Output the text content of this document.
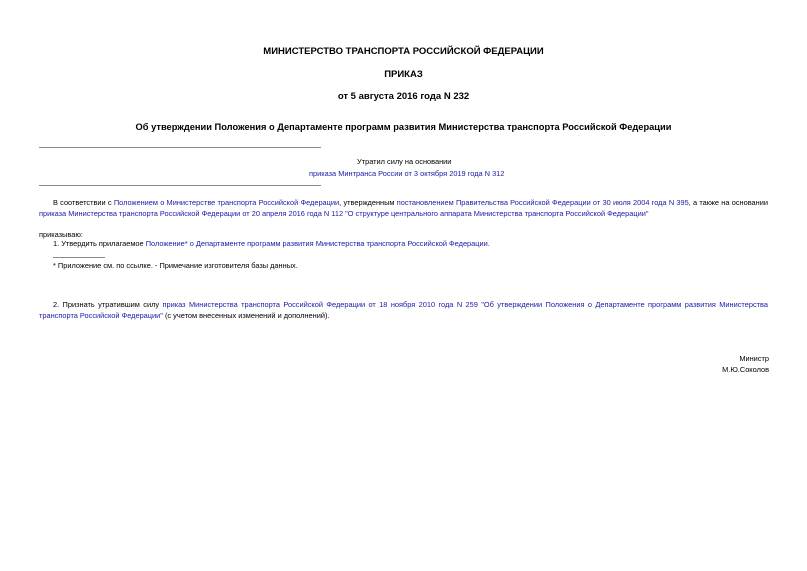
МИНИСТЕРСТВО ТРАНСПОРТА РОССИЙСКОЙ ФЕДЕРАЦИИ
ПРИКАЗ
от 5 августа 2016 года N 232
Об утверждении Положения о Департаменте программ развития Министерства транспорта Российской Федерации
Утратил силу на основании
приказа Минтранса России от 3 октября 2019 года N 312
В соответствии с Положением о Министерстве транспорта Российской Федерации, утвержденным постановлением Правительства Российской Федерации от 30 июля 2004 года N 395, а также на основании приказа Министерства транспорта Российской Федерации от 20 апреля 2016 года N 112 "О структуре центрального аппарата Министерства транспорта Российской Федерации"
приказываю:
1. Утвердить прилагаемое Положение* о Департаменте программ развития Министерства транспорта Российской Федерации.
* Приложение см. по ссылке. - Примечание изготовителя базы данных.
2. Признать утратившим силу приказ Министерства транспорта Российской Федерации от 18 ноября 2010 года N 259 "Об утверждении Положения о Департаменте программ развития Министерства транспорта Российской Федерации" (с учетом внесенных изменений и дополнений).
Министр
М.Ю.Соколов
